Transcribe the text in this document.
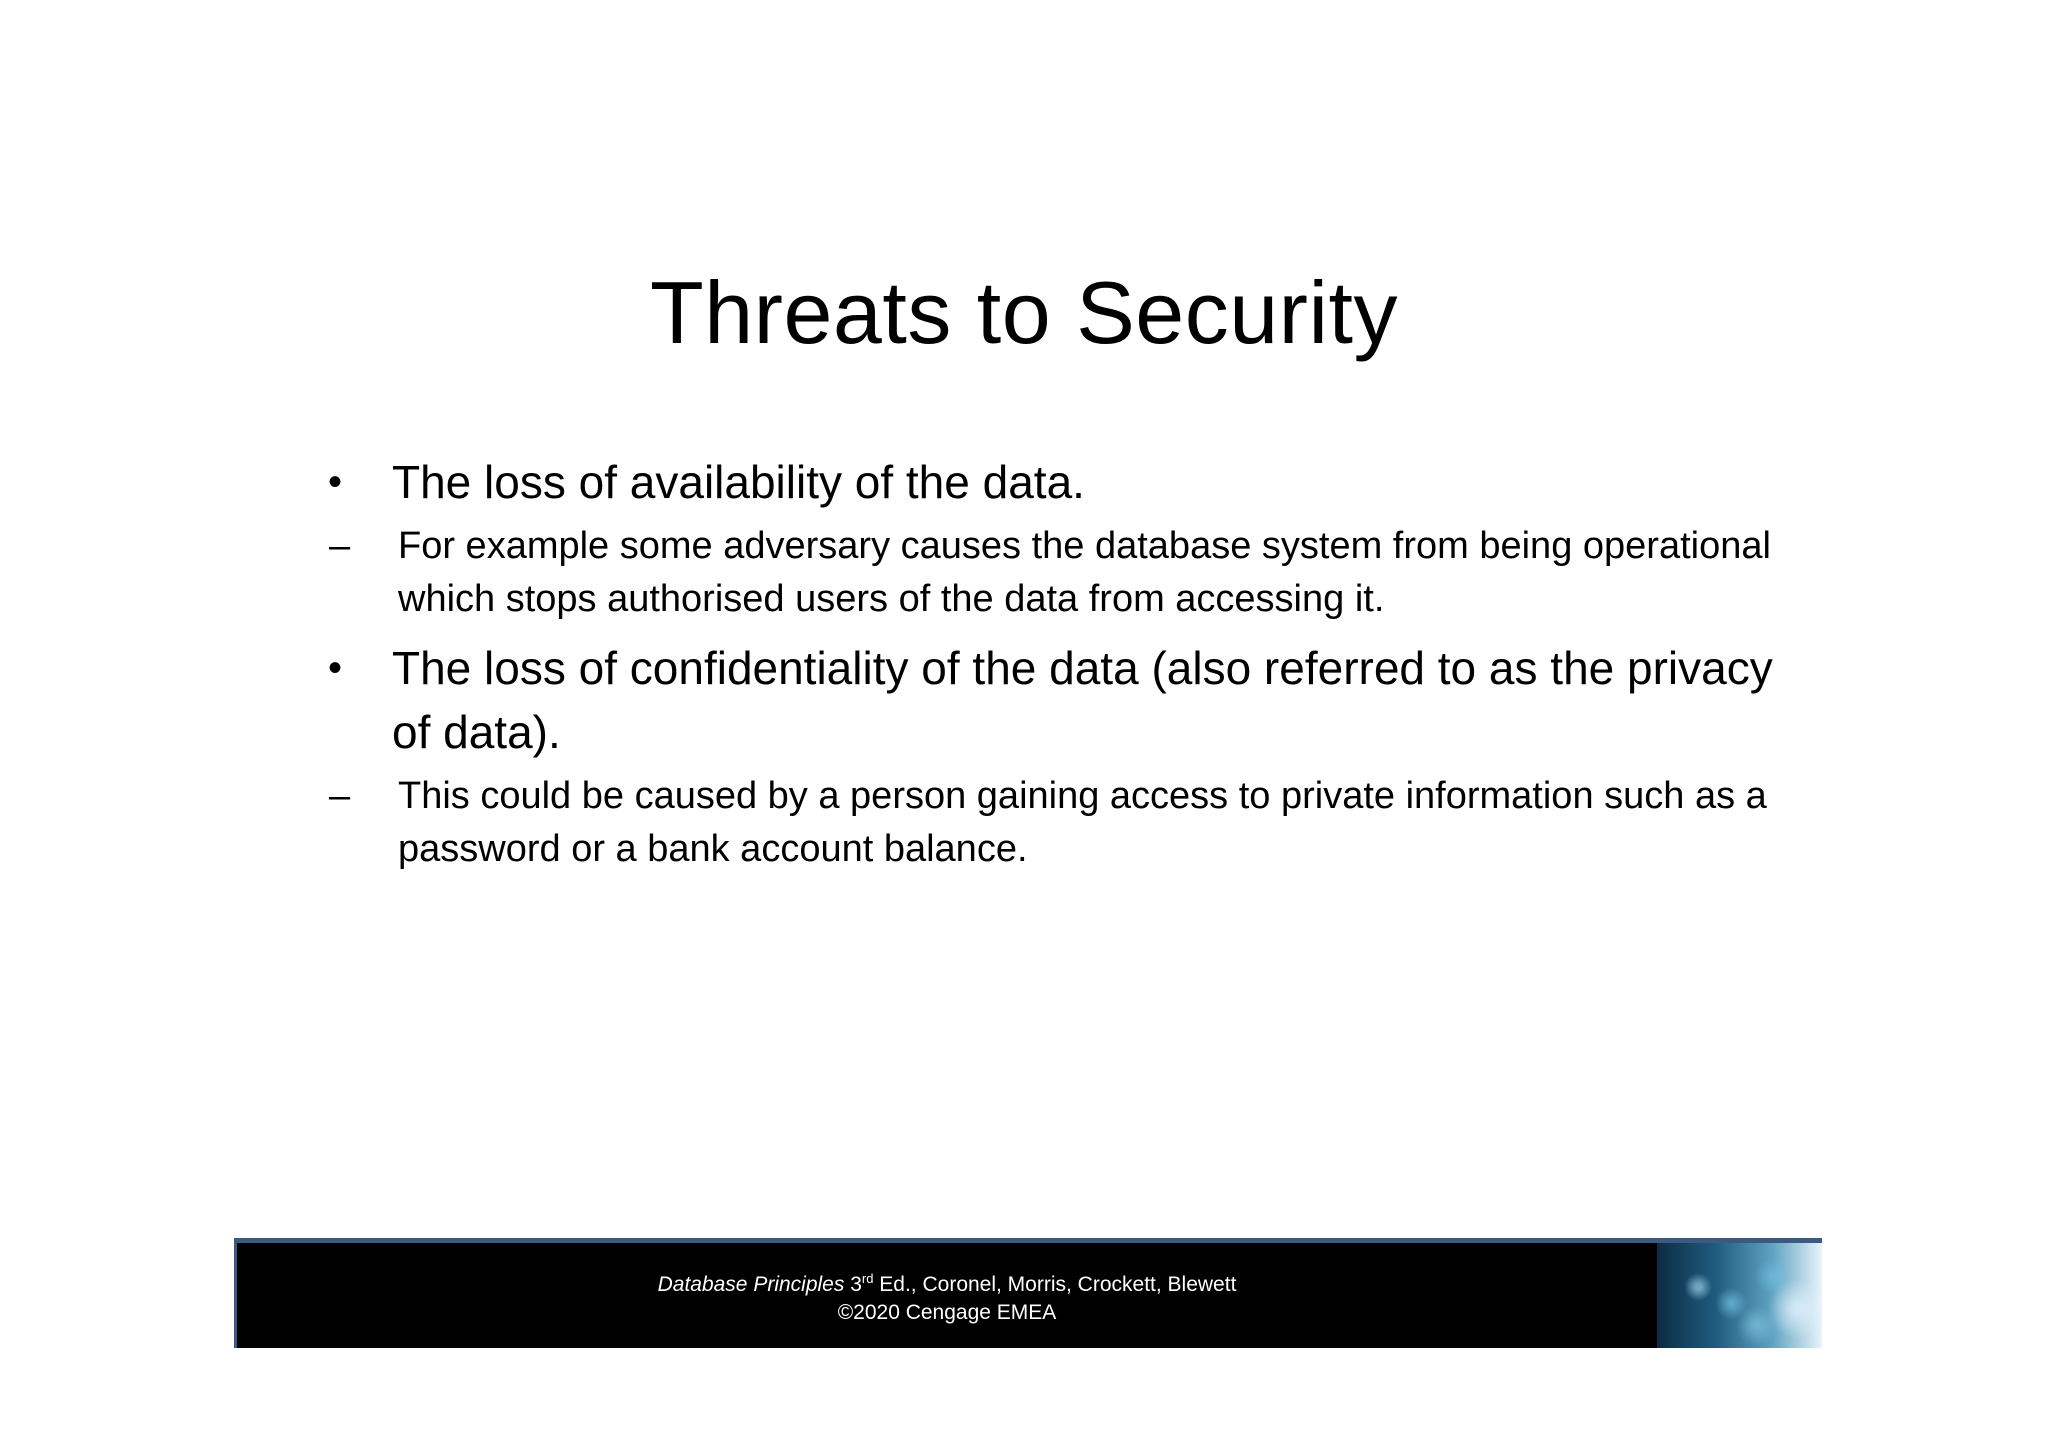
Threats to Security
•	The loss of availability of the data.
– For example some adversary causes the database system from being operational which stops authorised users of the data from accessing it.
•	The loss of confidentiality of the data (also referred to as the privacy of data).
– This could be caused by a person gaining access to private information such as a password or a bank account balance.
Database Principles 3rd Ed., Coronel, Morris, Crockett, Blewett
©2020 Cengage EMEA
